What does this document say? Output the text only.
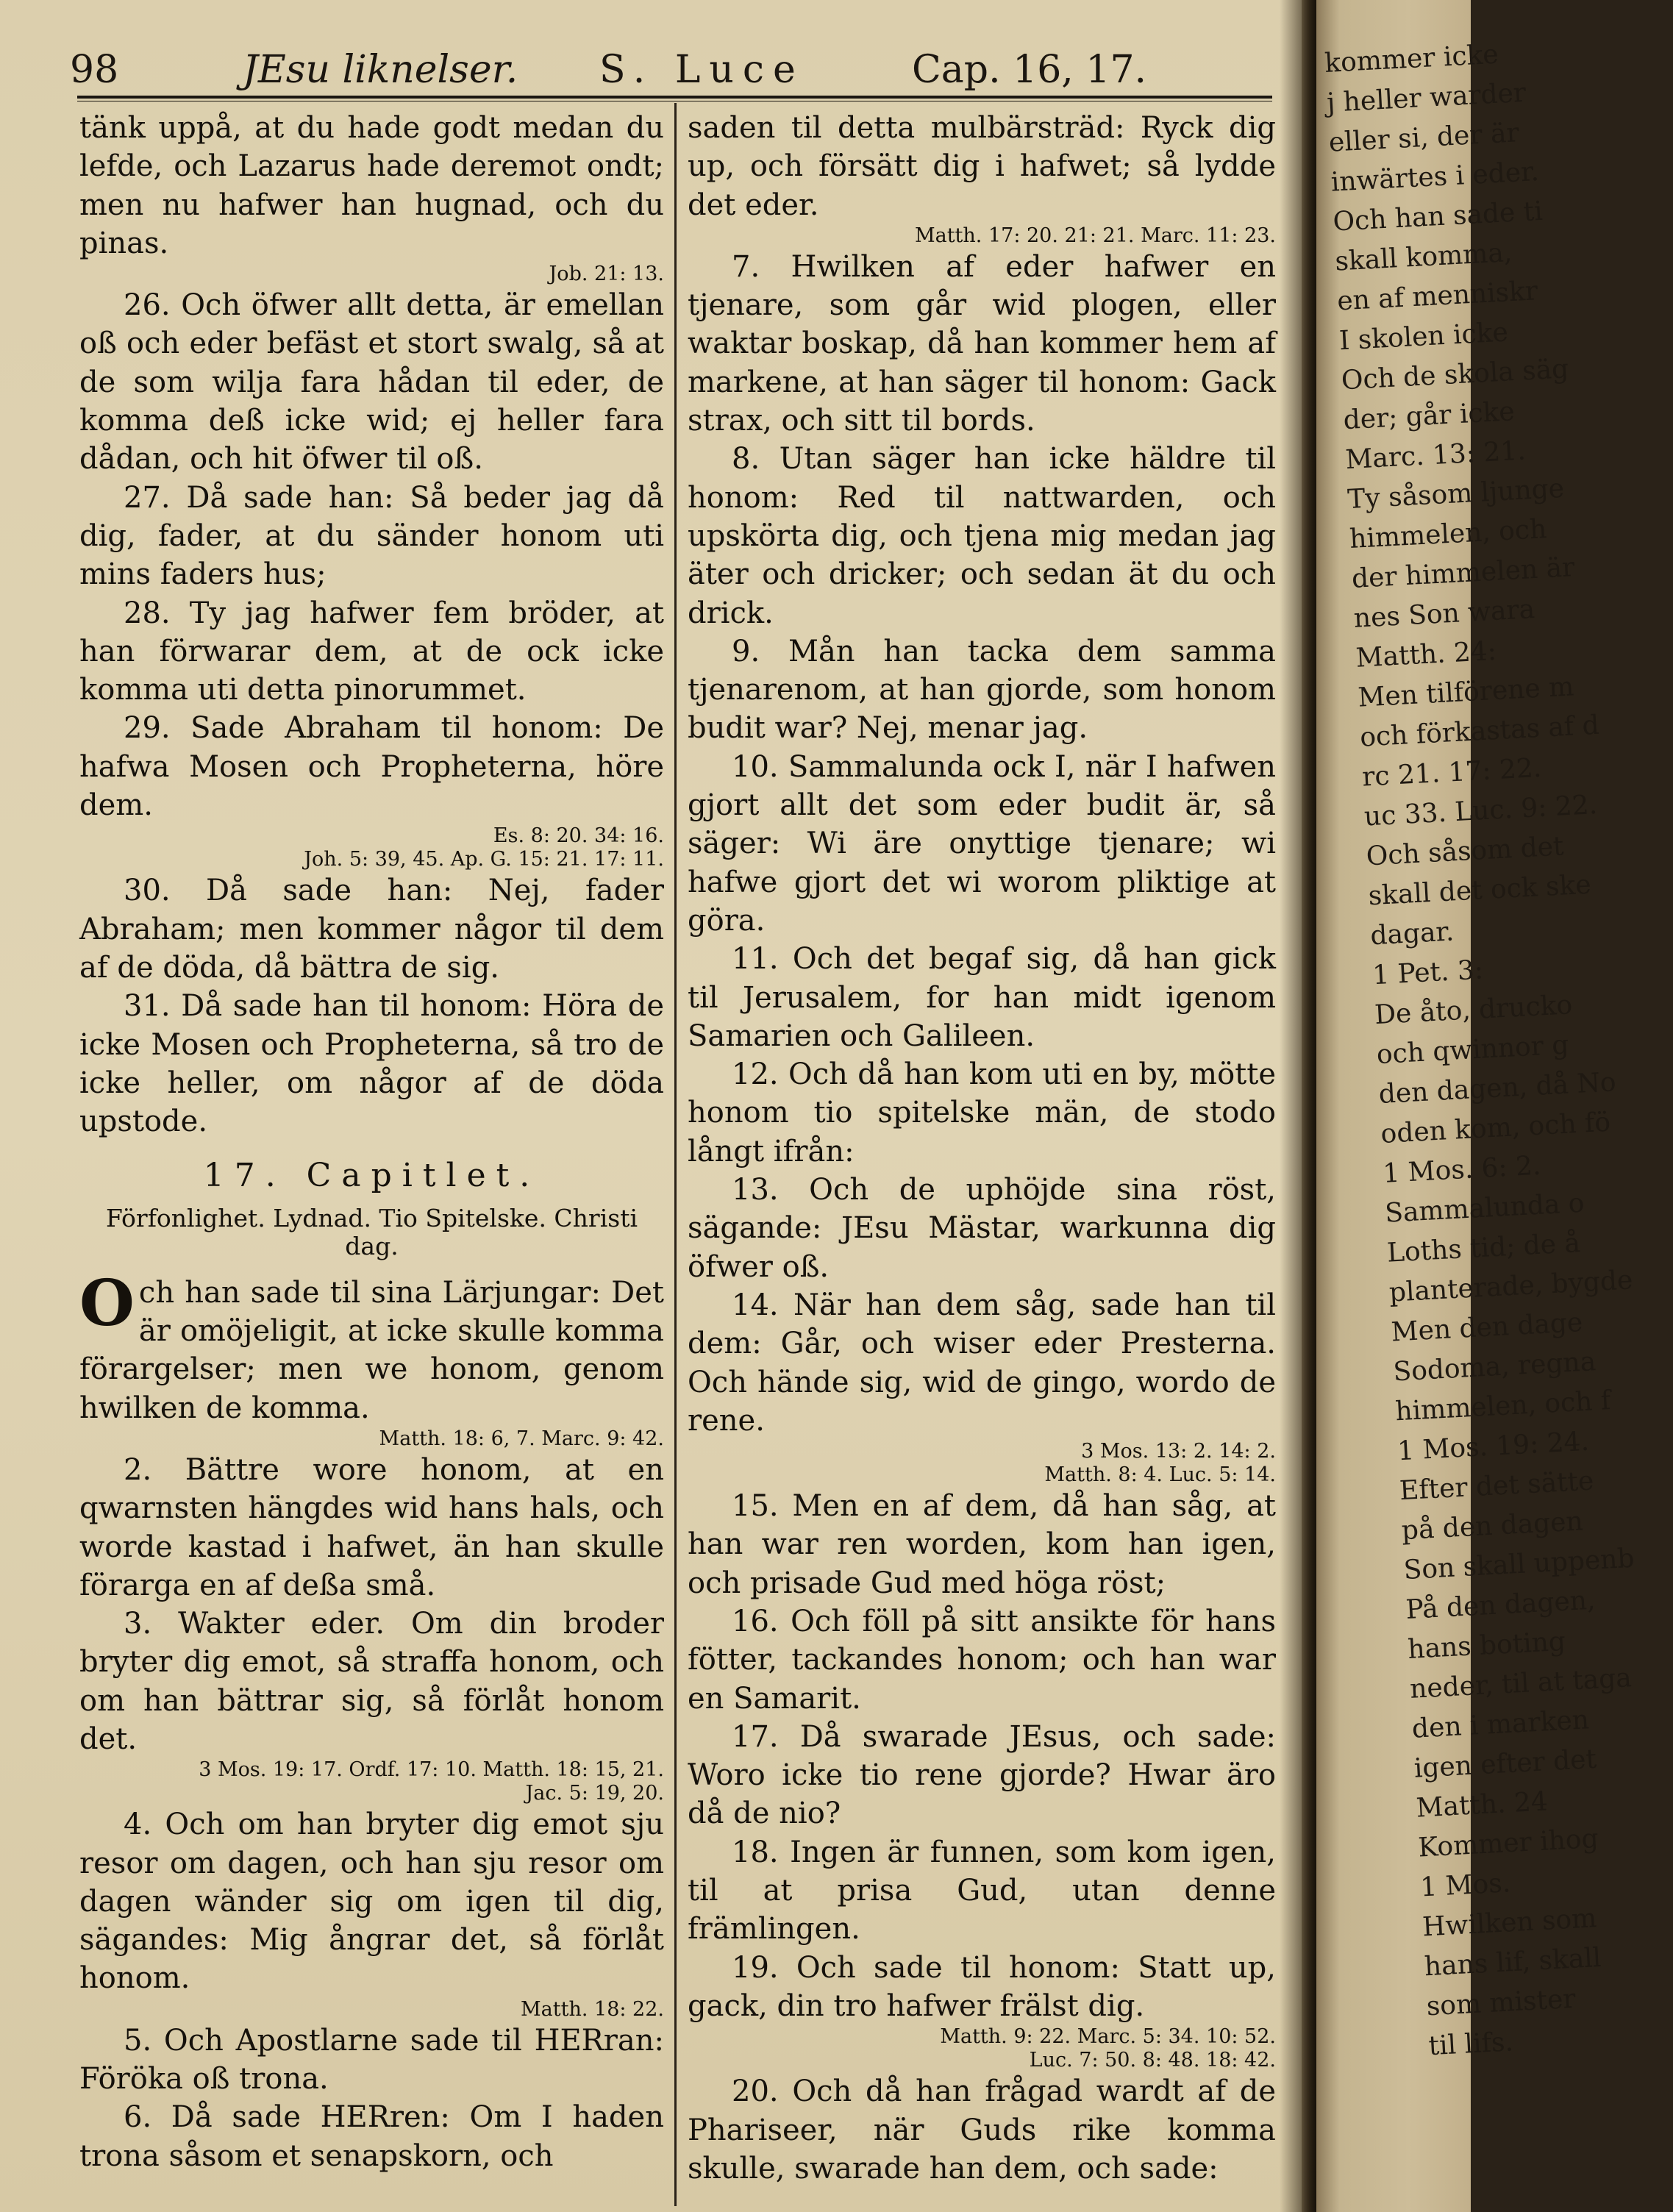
98	JEsu liknelser. S. Luce	Cap. 16, 17.

tänk uppå, at du hade godt medan du lefde, och Lazarus hade deremot ondt; men nu hafwer han hugnad, och du pinas.

Job. 21: 13.

26. Och öfwer allt detta, är emellan oß och eder befäst et stort swalg, så at de som wilja fara hådan til eder, de komma deß icke wid; ej heller fara dådan, och hit öfwer til oß.

27. Då sade han: Så beder jag då dig, fader, at du sänder honom uti mins faders hus;

28. Ty jag hafwer fem bröder, at han förwarar dem, at de ock icke komma uti detta pinorummet.

29. Sade Abraham til honom: De hafwa Mosen och Propheterna, höre dem.

Es. 8: 20. 34: 16.

Joh. 5: 39, 45. Ap. G. 15: 21. 17: 11.

30. Då sade han: Nej, fader Abraham; men kommer någor til dem af de döda, då bättra de sig.

31. Då sade han til honom: Höra de icke Mosen och Propheterna, så tro de icke heller, om någor af de döda upstode.

17. Capitlet.

Förfonlighet. Lydnad. Tio Spitelske. Christi dag.

Och han sade til sina Lärjungar: Det är omöjeligit, at icke skulle komma förargelser; men we honom, genom hwilken de komma.

Matth. 18: 6, 7. Marc. 9: 42.

2. Bättre wore honom, at en qwarnsten hängdes wid hans hals, och worde kastad i hafwet, än han skulle förarga en af deßa små.

3. Wakter eder. Om din broder bryter dig emot, så straffa honom, och om han bättrar sig, så förlåt honom det.

3 Mos. 19: 17. Ordf. 17: 10. Matth. 18: 15, 21.

Jac. 5: 19, 20.

4. Och om han bryter dig emot sju resor om dagen, och han sju resor om dagen wänder sig om igen til dig, sägandes: Mig ångrar det, så förlåt honom.

Matth. 18: 22.

5. Och Apostlarne sade til HERran: Föröka oß trona.

6. Då sade HERren: Om I haden trona såsom et senapskorn, och

saden til detta mulbärsträd: Ryck dig up, och försätt dig i hafwet; så lydde det eder.

Matth. 17: 20. 21: 21. Marc. 11: 23.

7. Hwilken af eder hafwer en tjenare, som går wid plogen, eller waktar boskap, då han kommer hem af markene, at han säger til honom: Gack strax, och sitt til bords.

8. Utan säger han icke häldre til honom: Red til nattwarden, och upskörta dig, och tjena mig medan jag äter och dricker; och sedan ät du och drick.

9. Mån han tacka dem samma tjenarenom, at han gjorde, som honom budit war? Nej, menar jag.

10. Sammalunda ock I, när I hafwen gjort allt det som eder budit är, så säger: Wi äre onyttige tjenare; wi hafwe gjort det wi worom pliktige at göra.

11. Och det begaf sig, då han gick til Jerusalem, for han midt igenom Samarien och Galileen.

12. Och då han kom uti en by, mötte honom tio spitelske män, de stodo långt ifrån:

13. Och de uphöjde sina röst, sägande: JEsu Mästar, warkunna dig öfwer oß.

14. När han dem såg, sade han til dem: Går, och wiser eder Presterna. Och hände sig, wid de gingo, wordo de rene.

3 Mos. 13: 2. 14: 2.

Matth. 8: 4. Luc. 5: 14.

15. Men en af dem, då han såg, at han war ren worden, kom han igen, och prisade Gud med höga röst;

16. Och föll på sitt ansikte för hans fötter, tackandes honom; och han war en Samarit.

17. Då swarade JEsus, och sade: Woro icke tio rene gjorde? Hwar äro då de nio?

18. Ingen är funnen, som kom igen, til at prisa Gud, utan denne främlingen.

19. Och sade til honom: Statt up, gack, din tro hafwer frälst dig.

Matth. 9: 22. Marc. 5: 34. 10: 52.

Luc. 7: 50. 8: 48. 18: 42.

20. Och då han frågad wardt af de Phariseer, när Guds rike komma skulle, swarade han dem, och sade:

kommer icke
j heller warder
eller si, der är
inwärtes i eder.
Och han sade ti
skall komma,
en af menniskr
I skolen icke
Och de skola säg
der; går icke
Marc. 13: 21.
Ty såsom ljunge
himmelen, och
der himmelen är
nes Son wara
Matth. 24:
Men tilförene m
och förkastas af d
rc 21. 17: 22.
uc 33. Luc. 9: 22.
Och såsom det
skall det ock ske
dagar.
1 Pet. 3:
De åto, drucko
och qwinnor g
den dagen, då No
oden kom, och fö
1 Mos. 6: 2.
Sammalunda o
Loths tid; de å
planterade, bygde
Men den dage
Sodoma, regna
himmelen, och f
1 Mos. 19: 24.
Efter det sätte
på den dagen
Son skall uppenb
På den dagen,
hans boting
neder, til at taga
den i marken
igen efter det
Matth. 24
Kommer ihog
1 Mos.
Hwilken som
hans lif, skall
som mister
til lifs.
